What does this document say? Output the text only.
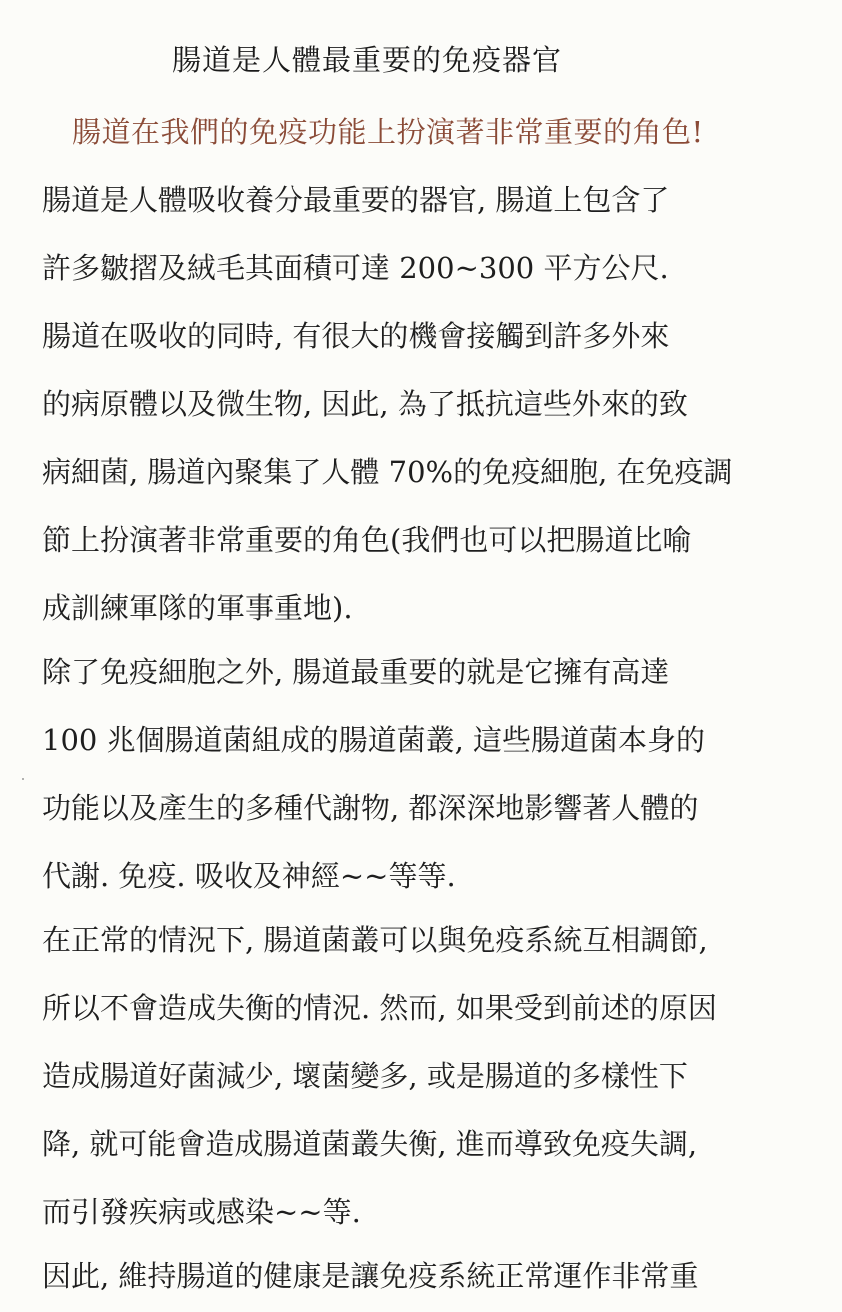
腸道是人體最重要的免疫器官
腸道在我們的免疫功能上扮演著非常重要的角色!
腸道是人體吸收養分最重要的器官, 腸道上包含了
許多皺摺及絨毛其面積可達 200~300 平方公尺.
腸道在吸收的同時, 有很大的機會接觸到許多外來
的病原體以及微生物, 因此, 為了抵抗這些外來的致
病細菌, 腸道內聚集了人體 70%的免疫細胞, 在免疫調
節上扮演著非常重要的角色(我們也可以把腸道比喻
成訓練軍隊的軍事重地).
除了免疫細胞之外, 腸道最重要的就是它擁有高達
100 兆個腸道菌組成的腸道菌叢, 這些腸道菌本身的
功能以及產生的多種代謝物, 都深深地影響著人體的
代謝. 免疫. 吸收及神經~~等等.
在正常的情況下, 腸道菌叢可以與免疫系統互相調節,
所以不會造成失衡的情況. 然而, 如果受到前述的原因
造成腸道好菌減少, 壞菌變多, 或是腸道的多樣性下
降, 就可能會造成腸道菌叢失衡, 進而導致免疫失調,
而引發疾病或感染~~等.
因此, 維持腸道的健康是讓免疫系統正常運作非常重
